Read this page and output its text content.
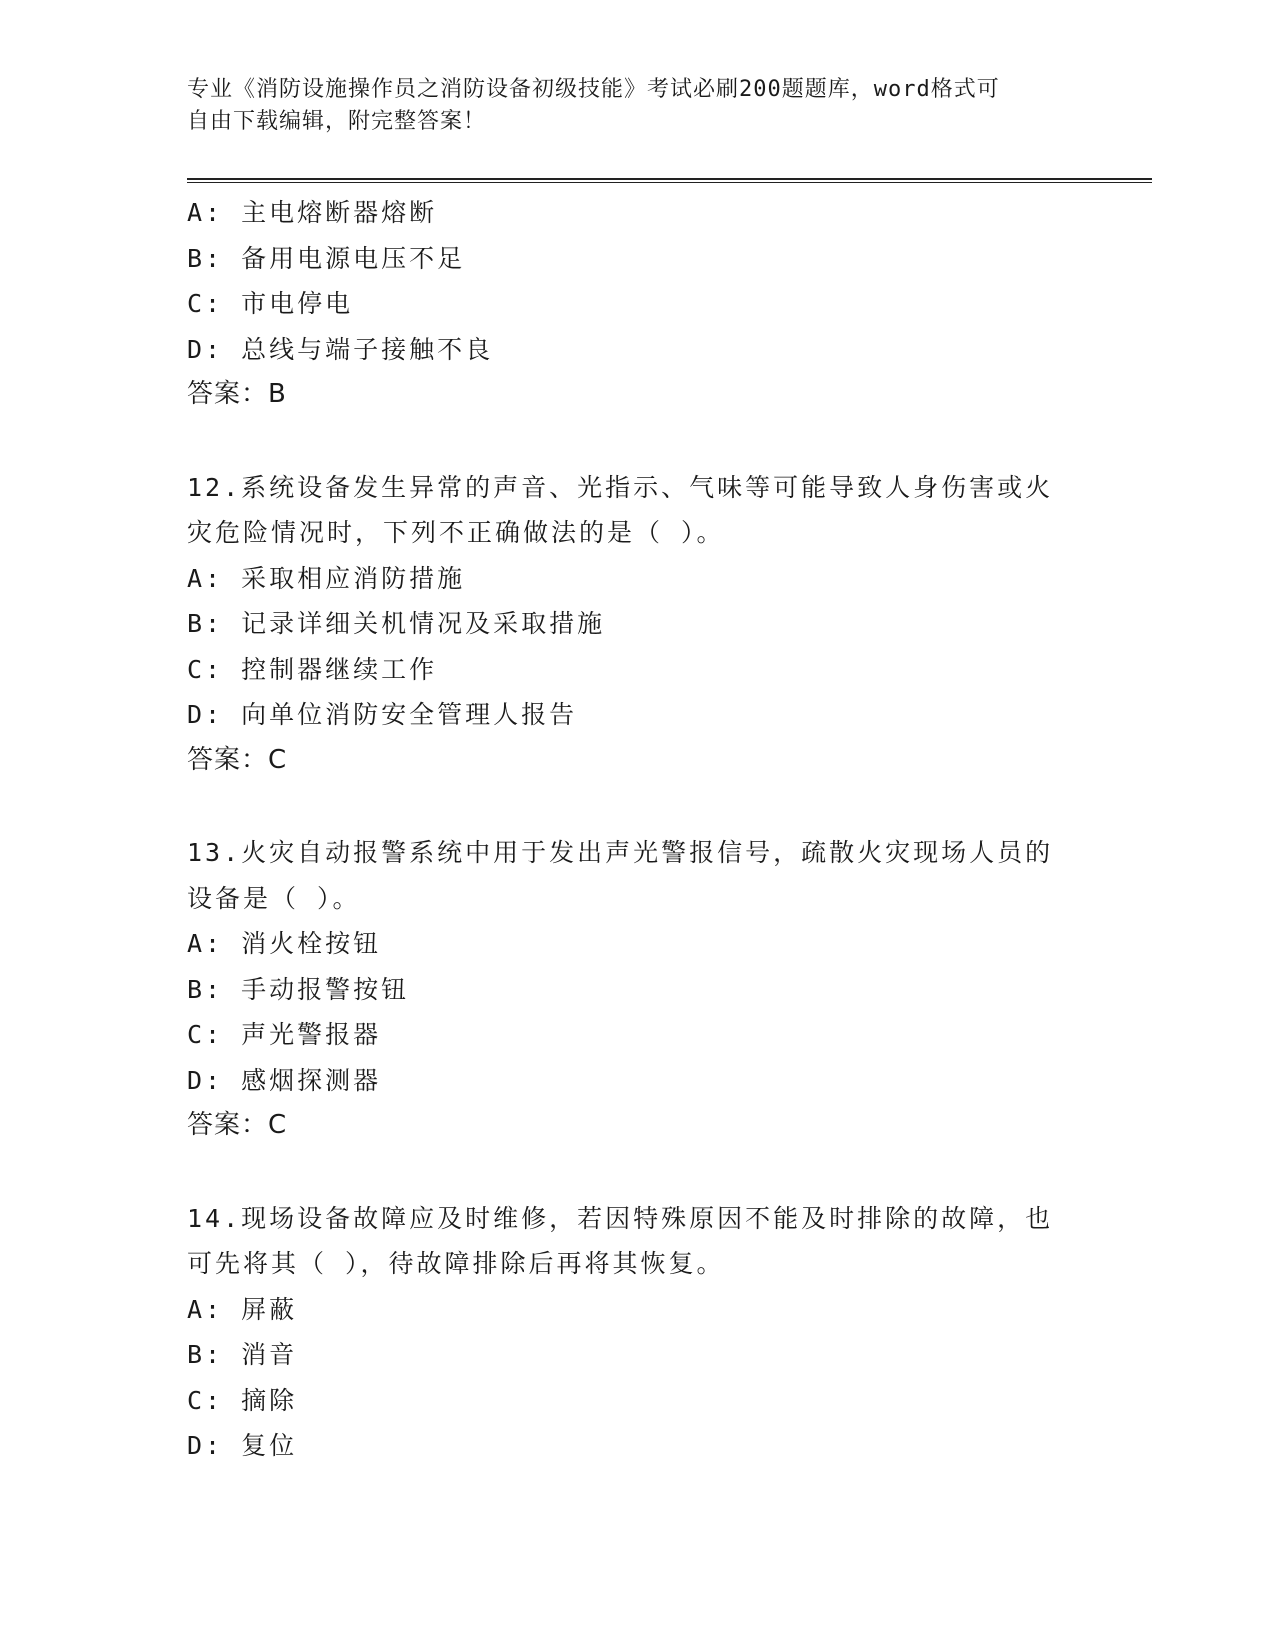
专业《消防设施操作员之消防设备初级技能》考试必刷200题题库，word格式可
自由下载编辑，附完整答案！
A: 主电熔断器熔断
B: 备用电源电压不足
C: 市电停电
D: 总线与端子接触不良
答案：B
12.系统设备发生异常的声音、光指示、气味等可能导致人身伤害或火
灾危险情况时，下列不正确做法的是（ ）。
A: 采取相应消防措施
B: 记录详细关机情况及采取措施
C: 控制器继续工作
D: 向单位消防安全管理人报告
答案：C
13.火灾自动报警系统中用于发出声光警报信号，疏散火灾现场人员的
设备是（ ）。
A: 消火栓按钮
B: 手动报警按钮
C: 声光警报器
D: 感烟探测器
答案：C
14.现场设备故障应及时维修，若因特殊原因不能及时排除的故障，也
可先将其（ ），待故障排除后再将其恢复。
A: 屏蔽
B: 消音
C: 摘除
D: 复位
